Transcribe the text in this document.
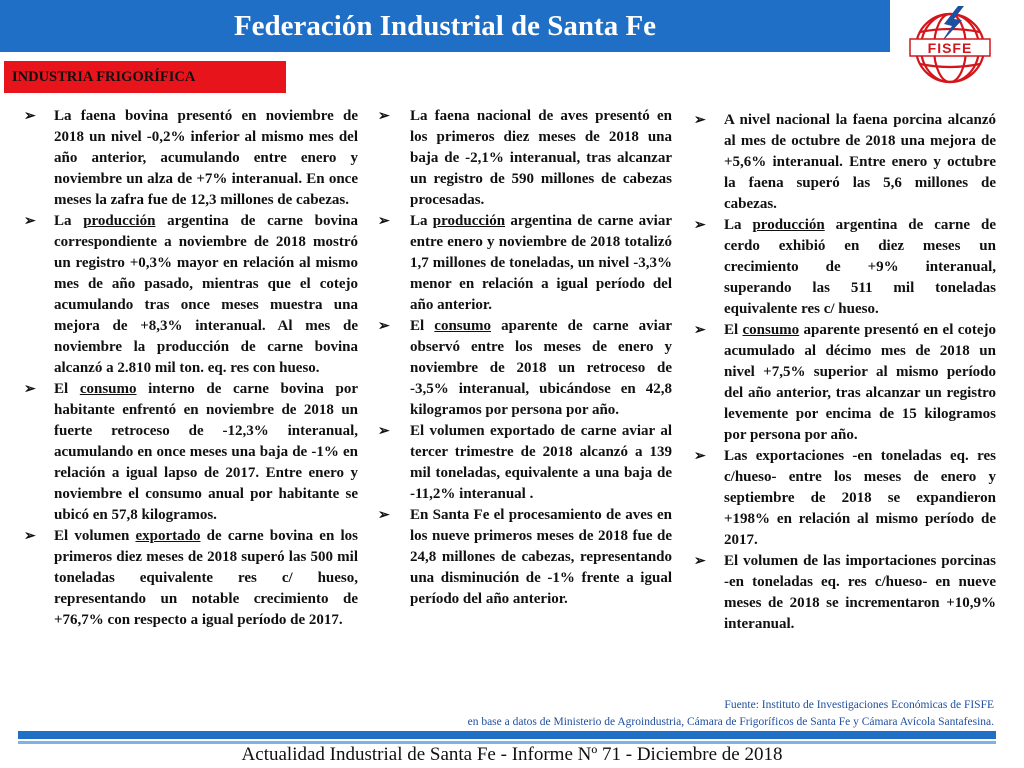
Federación Industrial de Santa Fe
FISFE
INDUSTRIA FRIGORÍFICA
➢ La faena bovina presentó en noviembre de 2018 un nivel -0,2% inferior al mismo mes del año anterior, acumulando entre enero y noviembre un alza de +7% interanual. En once meses la zafra fue de 12,3 millones de cabezas.
➢ La producción argentina de carne bovina correspondiente a noviembre de 2018 mostró un registro +0,3% mayor en relación al mismo mes de año pasado, mientras que el cotejo acumulando tras once meses muestra una mejora de +8,3% interanual. Al mes de noviembre la producción de carne bovina alcanzó a 2.810 mil ton. eq. res con hueso.
➢ El consumo interno de carne bovina por habitante enfrentó en noviembre de 2018 un fuerte retroceso de -12,3% interanual, acumulando en once meses una baja de -1% en relación a igual lapso de 2017. Entre enero y noviembre el consumo anual por habitante se ubicó en 57,8 kilogramos.
➢ El volumen exportado de carne bovina en los primeros diez meses de 2018 superó las 500 mil toneladas equivalente res c/ hueso, representando un notable crecimiento de +76,7% con respecto a igual período de 2017.
➢ La faena nacional de aves presentó en los primeros diez meses de 2018 una baja de -2,1% interanual, tras alcanzar un registro de 590 millones de cabezas procesadas.
➢ La producción argentina de carne aviar entre enero y noviembre de 2018 totalizó 1,7 millones de toneladas, un nivel -3,3% menor en relación a igual período del año anterior.
➢ El consumo aparente de carne aviar observó entre los meses de enero y noviembre de 2018 un retroceso de -3,5% interanual, ubicándose en 42,8 kilogramos por persona por año.
➢ El volumen exportado de carne aviar al tercer trimestre de 2018 alcanzó a 139 mil toneladas, equivalente a una baja de -11,2% interanual .
➢ En Santa Fe el procesamiento de aves en los nueve primeros meses de 2018 fue de 24,8 millones de cabezas, representando una disminución de -1% frente a igual período del año anterior.
➢ A nivel nacional la faena porcina alcanzó al mes de octubre de 2018 una mejora de +5,6% interanual. Entre enero y octubre la faena superó las 5,6 millones de cabezas.
➢ La producción argentina de carne de cerdo exhibió en diez meses un crecimiento de +9% interanual, superando las 511 mil toneladas equivalente res c/ hueso.
➢ El consumo aparente presentó en el cotejo acumulado al décimo mes de 2018 un nivel +7,5% superior al mismo período del año anterior, tras alcanzar un registro levemente por encima de 15 kilogramos por persona por año.
➢ Las exportaciones -en toneladas eq. res c/hueso- entre los meses de enero y septiembre de 2018 se expandieron +198% en relación al mismo período de 2017.
➢ El volumen de las importaciones porcinas -en toneladas eq. res c/hueso- en nueve meses de 2018 se incrementaron +10,9% interanual.
Fuente: Instituto de Investigaciones Económicas de FISFE
en base a datos de Ministerio de Agroindustria, Cámara de Frigoríficos de Santa Fe y Cámara Avícola Santafesina.
Actualidad Industrial de Santa Fe - Informe Nº 71 - Diciembre de 2018
